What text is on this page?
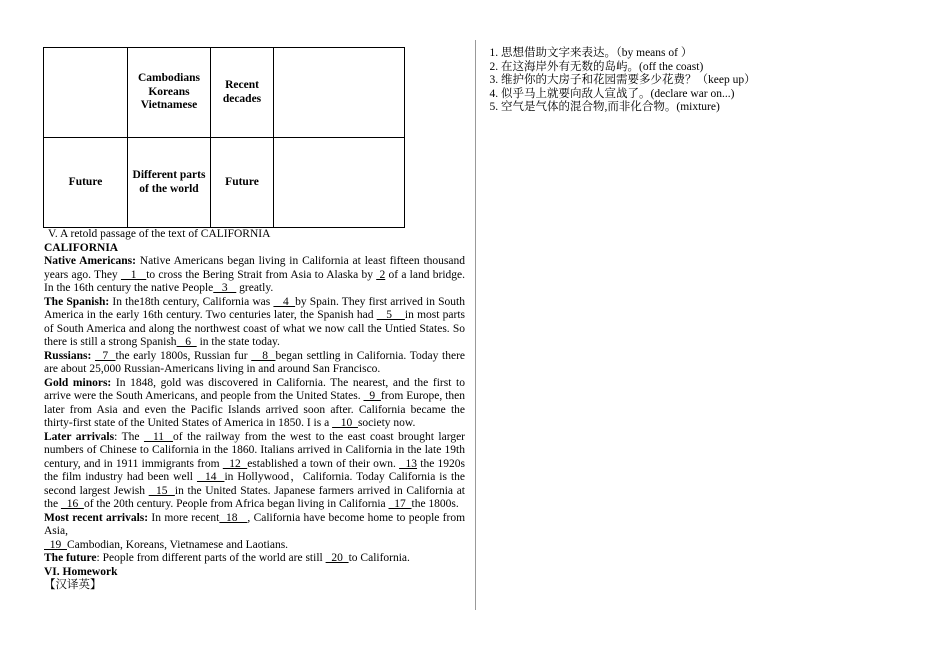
	Cambodians
Koreans
Vietnamese	Recent decades	
Future	Different parts of the world	Future	

V. A retold passage of the text of CALIFORNIA

CALIFORNIA

Native Americans: Native Americans began living in California at least fifteen thousand years ago. They    1   to cross the Bering Strait from Asia to Alaska by  2 of a land bridge. In the 16th century the native People   3    greatly.

The Spanish: In the18th century, California was    4  by Spain. They first arrived in South America in the early 16th century. Two centuries later, the Spanish had    5    in most parts of South America and along the northwest coast of what we now call the Untied States. So there is still a strong Spanish   6   in the state today.

Russians:   7  the early 1800s, Russian fur    8  began settling in California. Today there are about 25,000 Russian-Americans living in and around San Francisco.

Gold minors: In 1848, gold was discovered in California. The nearest, and the first to arrive were the South Americans, and people from the United States.   9  from Europe, then later from Asia and even the Pacific Islands arrived soon after. California became the thirty-first state of the United States of America in 1850. I is a    10  society now.

Later arrivals: The   11  of the railway from the west to the east coast brought larger numbers of Chinese to California in the 1860. Italians arrived in California in the late 19th century, and in 1911 immigrants from   12  established a town of their own.   13 the 1920s the film industry had been well   14  in Hollywood，California. Today California is the second largest Jewish   15  in the United States. Japanese farmers arrived in California at the   16  of the 20th century. People from Africa began living in California   17  the 1800s.

Most recent arrivals: In more recent  18   , California have become home to people from Asia,

19  Cambodian, Koreans, Vietnamese and Laotians.

The future: People from different parts of the world are still   20  to California.

VI. Homework

【汉译英】

1. 思想借助文字来表达。（by means of ）
2. 在这海岸外有无数的岛屿。(off the coast)
3. 维护你的大房子和花园需要多少花费？（keep up）
4. 似乎马上就要向敌人宣战了。(declare war on...)
5. 空气是气体的混合物,而非化合物。(mixture)
